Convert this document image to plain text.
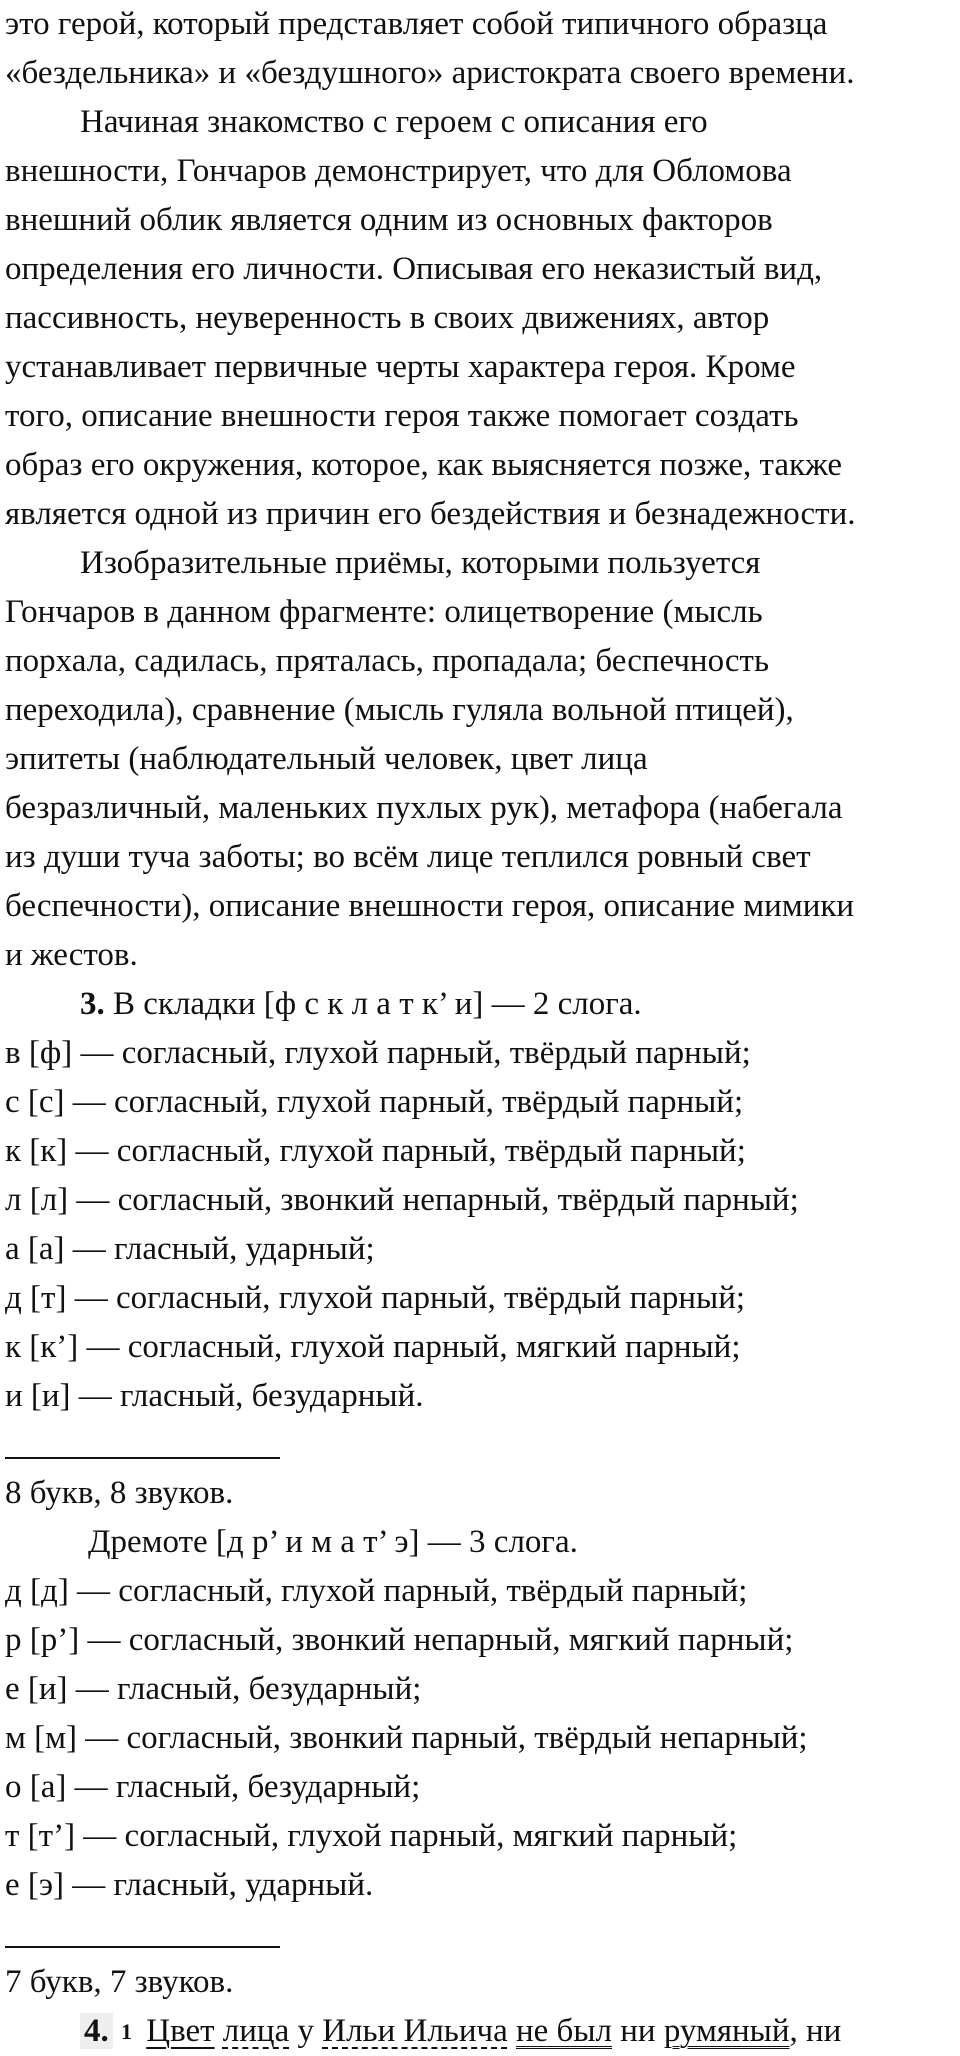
это герой, который представляет собой типичного образца
«бездельника» и «бездушного» аристократа своего времени.
Начиная знакомство с героем с описания его
внешности, Гончаров демонстрирует, что для Обломова
внешний облик является одним из основных факторов
определения его личности. Описывая его неказистый вид,
пассивность, неуверенность в своих движениях, автор
устанавливает первичные черты характера героя. Кроме
того, описание внешности героя также помогает создать
образ его окружения, которое, как выясняется позже, также
является одной из причин его бездействия и безнадежности.
Изобразительные приёмы, которыми пользуется
Гончаров в данном фрагменте: олицетворение (мысль
порхала, садилась, пряталась, пропадала; беспечность
переходила), сравнение (мысль гуляла вольной птицей),
эпитеты (наблюдательный человек, цвет лица
безразличный, маленьких пухлых рук), метафора (набегала
из души туча заботы; во всём лице теплился ровный свет
беспечности), описание внешности героя, описание мимики
и жестов.
3. В складки [ф с к л а т к’ и] — 2 слога.
в [ф] — согласный, глухой парный, твёрдый парный;
с [с] — согласный, глухой парный, твёрдый парный;
к [к] — согласный, глухой парный, твёрдый парный;
л [л] — согласный, звонкий непарный, твёрдый парный;
а [а] — гласный, ударный;
д [т] — согласный, глухой парный, твёрдый парный;
к [к’] — согласный, глухой парный, мягкий парный;
и [и] — гласный, безударный.
8 букв, 8 звуков.
Дремоте [д р’ и м а т’ э] — 3 слога.
д [д] — согласный, глухой парный, твёрдый парный;
р [р’] — согласный, звонкий непарный, мягкий парный;
е [и] — гласный, безударный;
м [м] — согласный, звонкий парный, твёрдый непарный;
о [а] — гласный, безударный;
т [т’] — согласный, глухой парный, мягкий парный;
е [э] — гласный, ударный.
7 букв, 7 звуков.
4. 1 Цвет лица у Ильи Ильича не был ни румяный, ни
